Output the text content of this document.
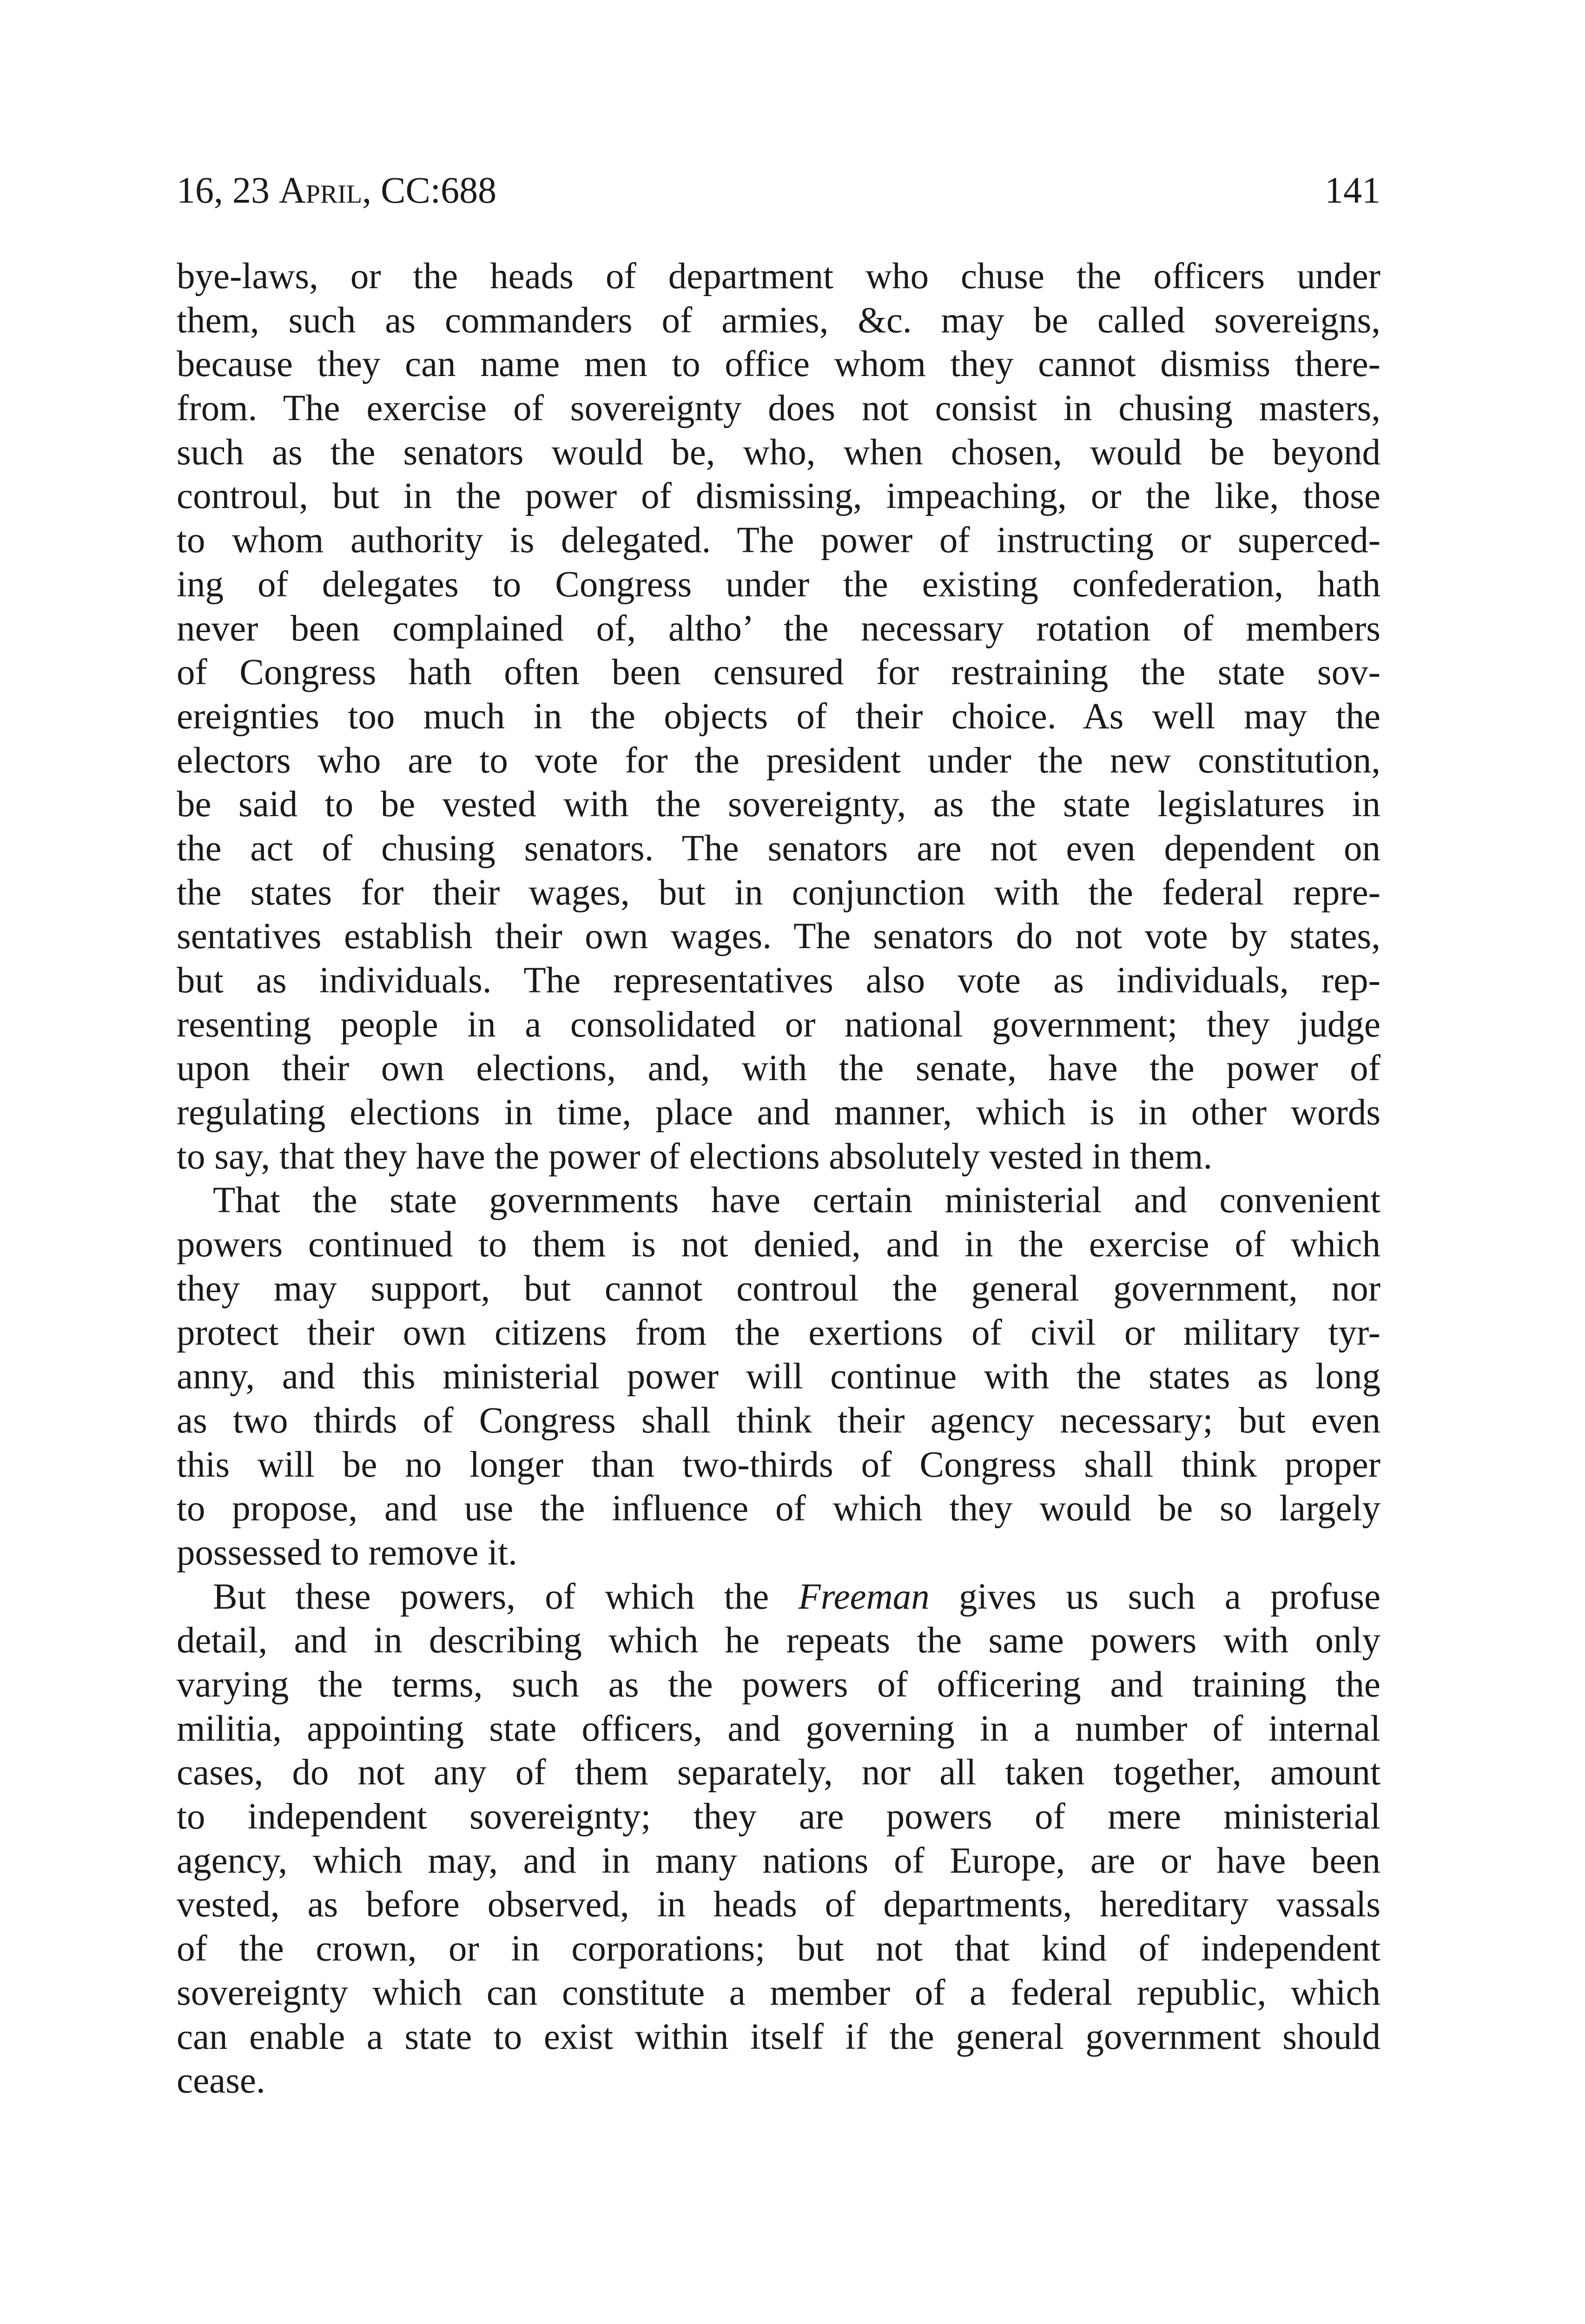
16, 23 April, CC:688	141
bye-laws, or the heads of department who chuse the officers under
them, such as commanders of armies, &c. may be called sovereigns,
because they can name men to office whom they cannot dismiss there-
from. The exercise of sovereignty does not consist in chusing masters,
such as the senators would be, who, when chosen, would be beyond
controul, but in the power of dismissing, impeaching, or the like, those
to whom authority is delegated. The power of instructing or superced-
ing of delegates to Congress under the existing confederation, hath
never been complained of, altho’ the necessary rotation of members
of Congress hath often been censured for restraining the state sov-
ereignties too much in the objects of their choice. As well may the
electors who are to vote for the president under the new constitution,
be said to be vested with the sovereignty, as the state legislatures in
the act of chusing senators. The senators are not even dependent on
the states for their wages, but in conjunction with the federal repre-
sentatives establish their own wages. The senators do not vote by states,
but as individuals. The representatives also vote as individuals, rep-
resenting people in a consolidated or national government; they judge
upon their own elections, and, with the senate, have the power of
regulating elections in time, place and manner, which is in other words
to say, that they have the power of elections absolutely vested in them.
That the state governments have certain ministerial and convenient
powers continued to them is not denied, and in the exercise of which
they may support, but cannot controul the general government, nor
protect their own citizens from the exertions of civil or military tyr-
anny, and this ministerial power will continue with the states as long
as two thirds of Congress shall think their agency necessary; but even
this will be no longer than two-thirds of Congress shall think proper
to propose, and use the influence of which they would be so largely
possessed to remove it.
But these powers, of which the Freeman gives us such a profuse
detail, and in describing which he repeats the same powers with only
varying the terms, such as the powers of officering and training the
militia, appointing state officers, and governing in a number of internal
cases, do not any of them separately, nor all taken together, amount
to independent sovereignty; they are powers of mere ministerial
agency, which may, and in many nations of Europe, are or have been
vested, as before observed, in heads of departments, hereditary vassals
of the crown, or in corporations; but not that kind of independent
sovereignty which can constitute a member of a federal republic, which
can enable a state to exist within itself if the general government should
cease.
